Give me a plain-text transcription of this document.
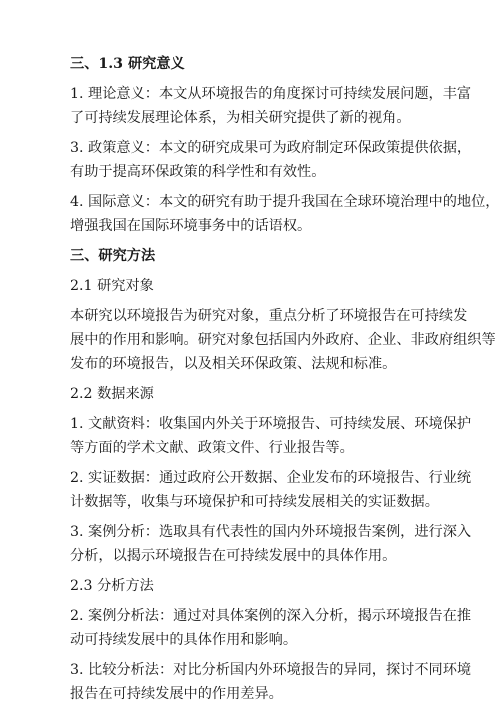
三、1.3 研究意义

1. 理论意义：本文从环境报告的角度探讨可持续发展问题，丰富

了可持续发展理论体系，为相关研究提供了新的视角。

3. 政策意义：本文的研究成果可为政府制定环保政策提供依据，

有助于提高环保政策的科学性和有效性。

4. 国际意义：本文的研究有助于提升我国在全球环境治理中的地位，

增强我国在国际环境事务中的话语权。

三、研究方法

2.1 研究对象

本研究以环境报告为研究对象，重点分析了环境报告在可持续发

展中的作用和影响。研究对象包括国内外政府、企业、非政府组织等

发布的环境报告，以及相关环保政策、法规和标准。

2.2 数据来源

1. 文献资料：收集国内外关于环境报告、可持续发展、环境保护

等方面的学术文献、政策文件、行业报告等。

2. 实证数据：通过政府公开数据、企业发布的环境报告、行业统

计数据等，收集与环境保护和可持续发展相关的实证数据。

3. 案例分析：选取具有代表性的国内外环境报告案例，进行深入

分析，以揭示环境报告在可持续发展中的具体作用。

2.3 分析方法

2. 案例分析法：通过对具体案例的深入分析，揭示环境报告在推

动可持续发展中的具体作用和影响。

3. 比较分析法：对比分析国内外环境报告的异同，探讨不同环境

报告在可持续发展中的作用差异。
